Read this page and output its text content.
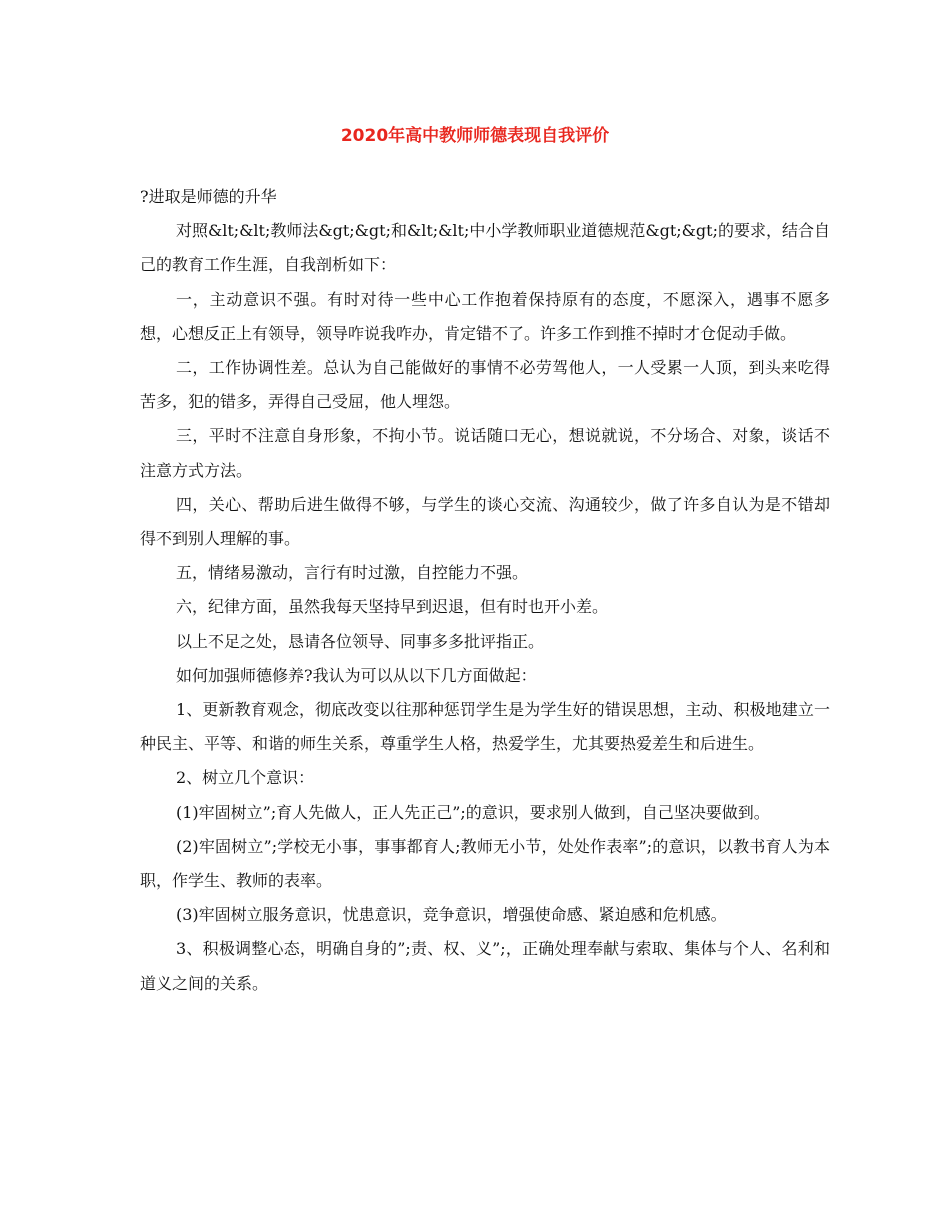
2020年高中教师师德表现自我评价

?进取是师德的升华

对照&lt;&lt;教师法&gt;&gt;和&lt;&lt;中小学教师职业道德规范&gt;&gt;的要求，结合自己的教育工作生涯，自我剖析如下：

一，主动意识不强。有时对待一些中心工作抱着保持原有的态度，不愿深入，遇事不愿多想，心想反正上有领导，领导咋说我咋办，肯定错不了。许多工作到推不掉时才仓促动手做。

二，工作协调性差。总认为自己能做好的事情不必劳驾他人，一人受累一人顶，到头来吃得苦多，犯的错多，弄得自己受屈，他人埋怨。

三，平时不注意自身形象，不拘小节。说话随口无心，想说就说，不分场合、对象，谈话不注意方式方法。

四，关心、帮助后进生做得不够，与学生的谈心交流、沟通较少，做了许多自认为是不错却得不到别人理解的事。

五，情绪易激动，言行有时过激，自控能力不强。

六，纪律方面，虽然我每天坚持早到迟退，但有时也开小差。

以上不足之处，恳请各位领导、同事多多批评指正。

如何加强师德修养?我认为可以从以下几方面做起：

1、更新教育观念，彻底改变以往那种惩罚学生是为学生好的错误思想，主动、积极地建立一种民主、平等、和谐的师生关系，尊重学生人格，热爱学生，尤其要热爱差生和后进生。

2、树立几个意识：

(1)牢固树立”;育人先做人，正人先正己”;的意识，要求别人做到，自己坚决要做到。

(2)牢固树立”;学校无小事，事事都育人;教师无小节，处处作表率”;的意识，以教书育人为本职，作学生、教师的表率。

(3)牢固树立服务意识，忧患意识，竞争意识，增强使命感、紧迫感和危机感。

3、积极调整心态，明确自身的”;责、权、义”;，正确处理奉献与索取、集体与个人、名利和道义之间的关系。
